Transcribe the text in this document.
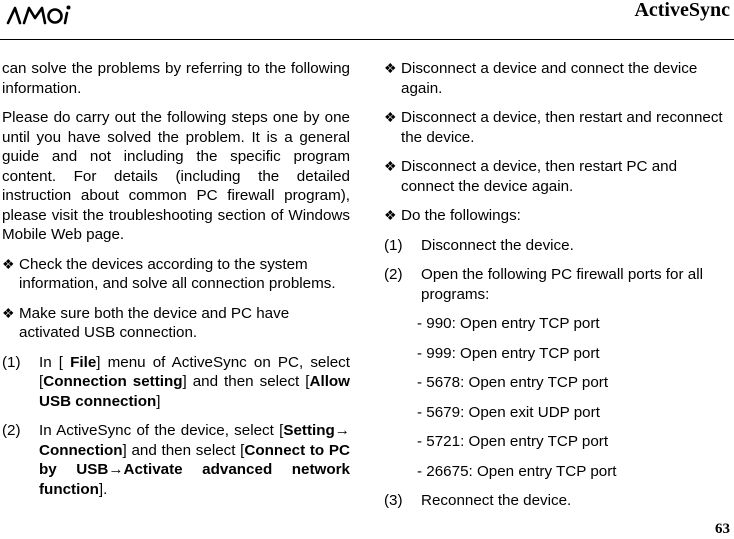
ActiveSync

can solve the problems by referring to the following information.

Please do carry out the following steps one by one until you have solved the problem. It is a general guide and not including the specific program content. For details (including the detailed instruction about common PC firewall program), please visit the troubleshooting section of Windows Mobile Web page.

❖ Check the devices according to the system information, and solve all connection problems.
❖ Make sure both the device and PC have activated USB connection.
(1)	In [ File] menu of ActiveSync on PC, select [Connection setting] and then select [Allow USB connection]
(2)	In ActiveSync of the device, select [Setting→ Connection] and then select [Connect to PC by USB→Activate advanced network function].
❖ Disconnect a device and connect the device again.
❖ Disconnect a device, then restart and reconnect the device.
❖ Disconnect a device, then restart PC and connect the device again.
❖ Do the followings:
(1)	Disconnect the device.
(2)	Open the following PC firewall ports for all programs:
- 990: Open entry TCP port
- 999: Open entry TCP port
- 5678: Open entry TCP port
- 5679: Open exit UDP port
- 5721: Open entry TCP port
- 26675: Open entry TCP port
(3)	Reconnect the device.
63
